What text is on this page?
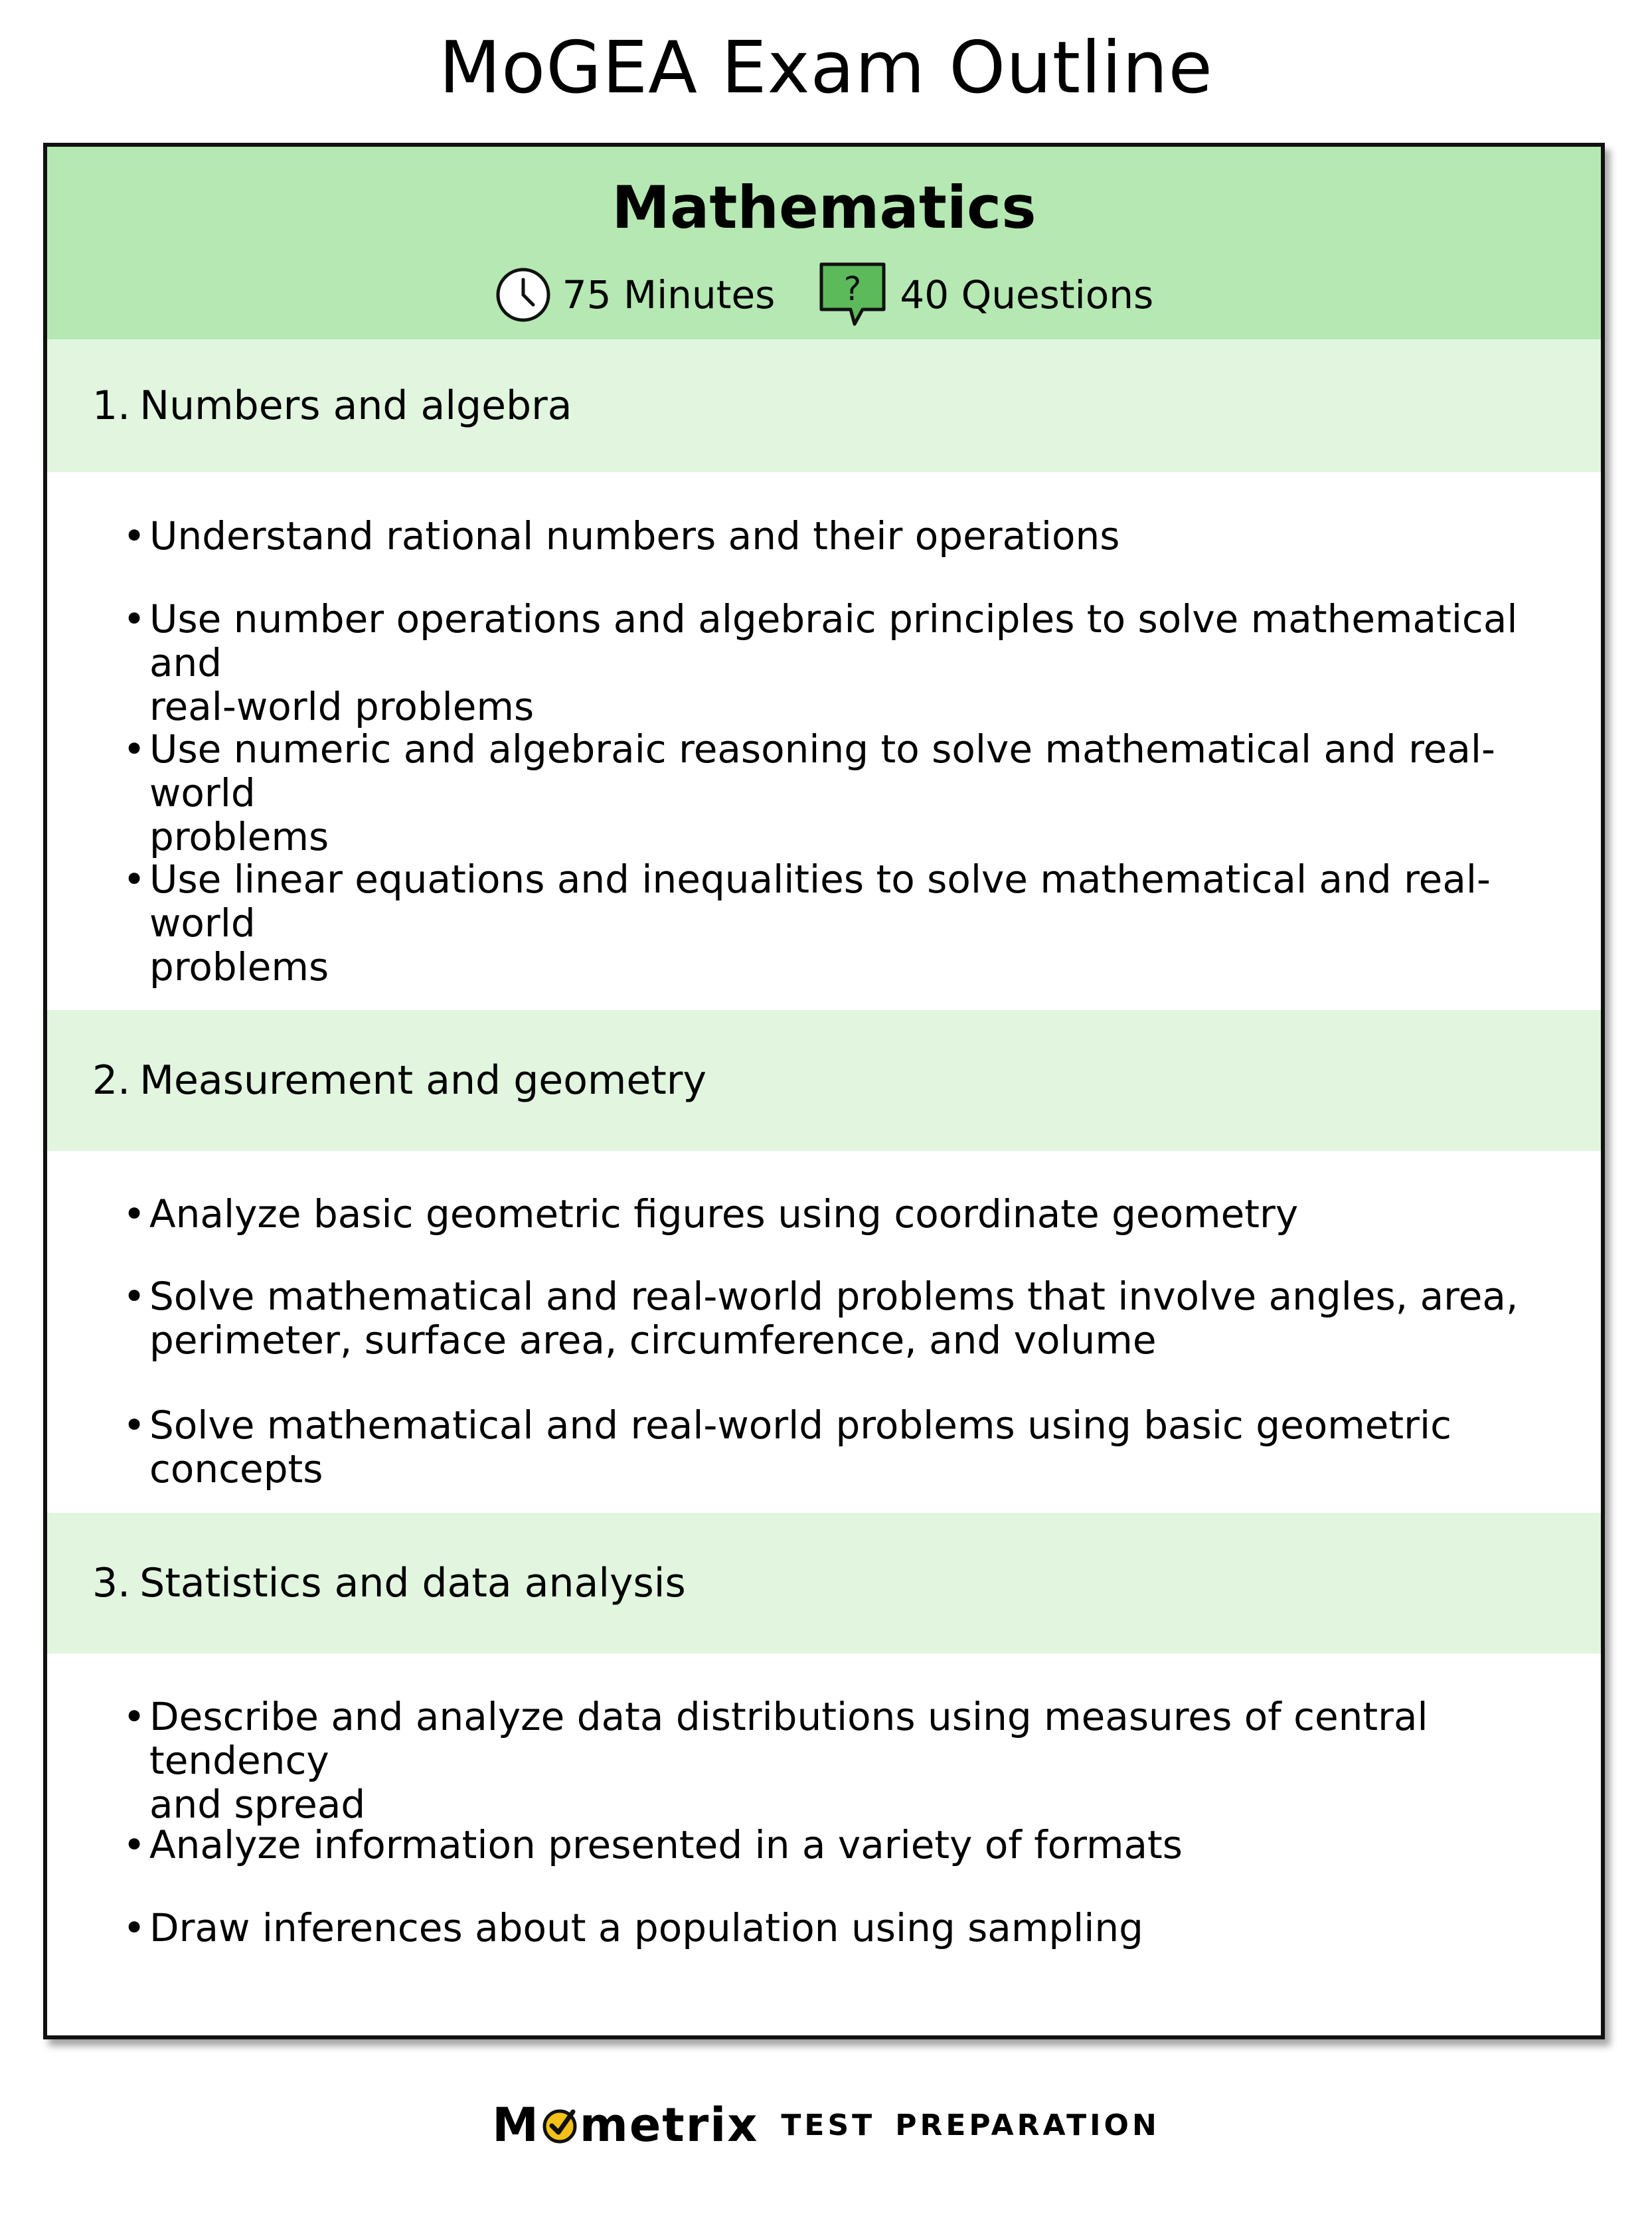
MoGEA Exam Outline
Mathematics
75 Minutes ? 40 Questions
1. Numbers and algebra
• Understand rational numbers and their operations
• Use number operations and algebraic principles to solve mathematical and
real-world problems
• Use numeric and algebraic reasoning to solve mathematical and real-world
problems
• Use linear equations and inequalities to solve mathematical and real-world
problems
2. Measurement and geometry
• Analyze basic geometric figures using coordinate geometry
• Solve mathematical and real-world problems that involve angles, area,
perimeter, surface area, circumference, and volume
• Solve mathematical and real-world problems using basic geometric concepts
3. Statistics and data analysis
• Describe and analyze data distributions using measures of central tendency
and spread
• Analyze information presented in a variety of formats
• Draw inferences about a population using sampling
M metrix TEST PREPARATION
